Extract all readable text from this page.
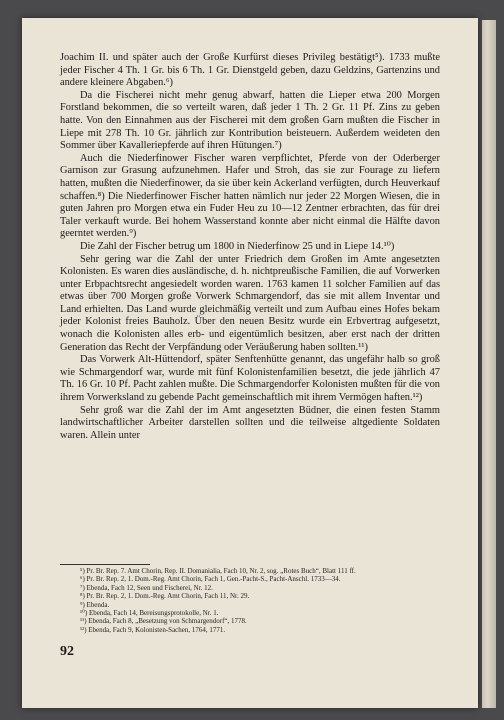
Joachim II. und später auch der Große Kurfürst dieses Privileg bestätigt⁵). 1733 mußte jeder Fischer 4 Th. 1 Gr. bis 6 Th. 1 Gr. Dienstgeld geben, dazu Geldzins, Gartenzins und andere kleinere Abgaben.⁶)

Da die Fischerei nicht mehr genug abwarf, hatten die Lieper etwa 200 Morgen Forstland bekommen, die so verteilt waren, daß jeder 1 Th. 2 Gr. 11 Pf. Zins zu geben hatte. Von den Einnahmen aus der Fischerei mit dem großen Garn mußten die Fischer in Liepe mit 278 Th. 10 Gr. jährlich zur Kontribution beisteuern. Außerdem weideten den Sommer über Kavalleriepferde auf ihren Hütungen.⁷)

Auch die Niederfinower Fischer waren verpflichtet, Pferde von der Oderberger Garnison zur Grasung aufzunehmen. Hafer und Stroh, das sie zur Fourage zu liefern hatten, mußten die Niederfinower, da sie über kein Ackerland verfügten, durch Heuverkauf schaffen.⁸) Die Niederfinower Fischer hatten nämlich nur jeder 22 Morgen Wiesen, die in guten Jahren pro Morgen etwa ein Fuder Heu zu 10—12 Zentner erbrachten, das für drei Taler verkauft wurde. Bei hohem Wasserstand konnte aber nicht einmal die Hälfte davon geerntet werden.⁹)

Die Zahl der Fischer betrug um 1800 in Niederfinow 25 und in Liepe 14.¹⁰)

Sehr gering war die Zahl der unter Friedrich dem Großen im Amte angesetzten Kolonisten. Es waren dies ausländische, d. h. nichtpreußische Familien, die auf Vorwerken unter Erbpachtsrecht angesiedelt worden waren. 1763 kamen 11 solcher Familien auf das etwas über 700 Morgen große Vorwerk Schmargendorf, das sie mit allem Inventar und Land erhielten. Das Land wurde gleichmäßig verteilt und zum Aufbau eines Hofes bekam jeder Kolonist freies Bauholz. Über den neuen Besitz wurde ein Erbvertrag aufgesetzt, wonach die Kolonisten alles erb- und eigentümlich besitzen, aber erst nach der dritten Generation das Recht der Verpfändung oder Veräußerung haben sollten.¹¹)

Das Vorwerk Alt-Hüttendorf, später Senftenhütte genannt, das ungefähr halb so groß wie Schmargendorf war, wurde mit fünf Kolonistenfamilien besetzt, die jede jährlich 47 Th. 16 Gr. 10 Pf. Pacht zahlen mußte. Die Schmargendorfer Kolonisten mußten für die von ihrem Vorwerksland zu gebende Pacht gemeinschaftlich mit ihrem Vermögen haften.¹²)

Sehr groß war die Zahl der im Amt angesetzten Büdner, die einen festen Stamm landwirtschaftlicher Arbeiter darstellen sollten und die teilweise altgediente Soldaten waren. Allein unter

⁵) Pr. Br. Rep. 7. Amt Chorin, Rep. II. Domanialia, Fach 10, Nr. 2, sog. „Rotes Buch“, Blatt 111 ff.

⁶) Pr. Br. Rep. 2, 1. Dom.-Reg. Amt Chorin, Fach 1, Gen.-Pacht-S., Pacht-Anschl. 1733—34.

⁷) Ebenda, Fach 12, Seen und Fischerei, Nr. 12.

⁸) Pr. Br. Rep. 2, 1. Dom.-Reg. Amt Chorin, Fach 11, Nr. 29.

⁹) Ebenda.

¹⁰) Ebenda, Fach 14, Bereisungsprotokolle, Nr. 1.

¹¹) Ebenda, Fach 8, „Besetzung von Schmargendorf“, 1778.

¹²) Ebenda, Fach 9, Kolonisten-Sachen, 1764, 1771.

92
